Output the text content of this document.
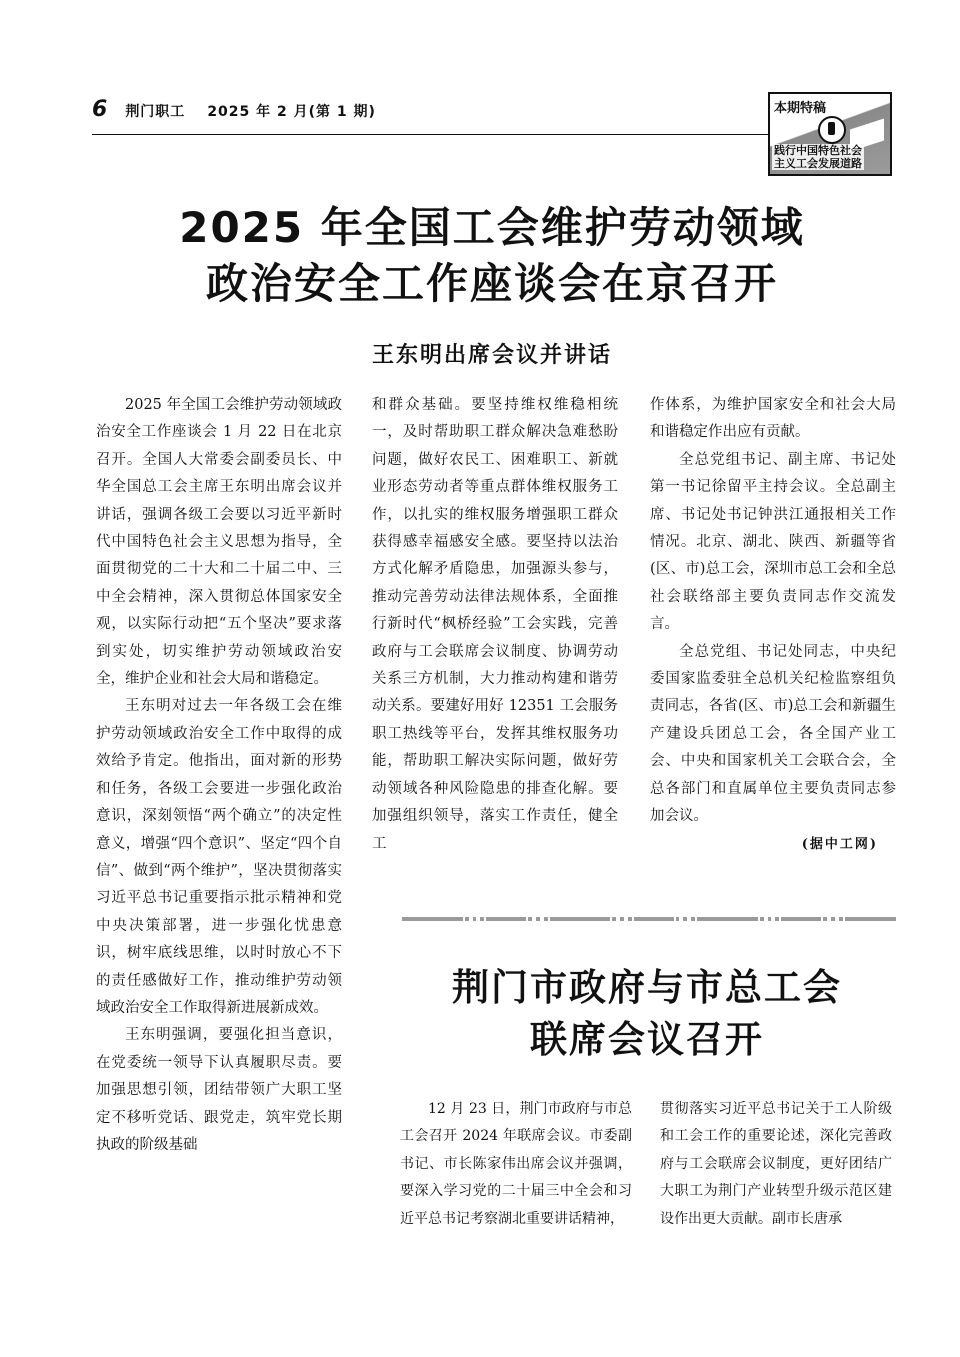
6 荆门职工 2025 年 2 月(第 1 期)	本期特稿
践行中国特色社会
主义工会发展道路
2025 年全国工会维护劳动领域
政治安全工作座谈会在京召开
王东明出席会议并讲话

2025 年全国工会维护劳动领域政治安全工作座谈会 1 月 22 日在北京召开。全国人大常委会副委员长、中华全国总工会主席王东明出席会议并讲话，强调各级工会要以习近平新时代中国特色社会主义思想为指导，全面贯彻党的二十大和二十届二中、三中全会精神，深入贯彻总体国家安全观，以实际行动把“五个坚决”要求落到实处，切实维护劳动领域政治安全，维护企业和社会大局和谐稳定。

王东明对过去一年各级工会在维护劳动领域政治安全工作中取得的成效给予肯定。他指出，面对新的形势和任务，各级工会要进一步强化政治意识，深刻领悟“两个确立”的决定性意义，增强“四个意识”、坚定“四个自信”、做到“两个维护”，坚决贯彻落实习近平总书记重要指示批示精神和党中央决策部署，进一步强化忧患意识，树牢底线思维，以时时放心不下的责任感做好工作，推动维护劳动领域政治安全工作取得新进展新成效。

王东明强调，要强化担当意识，在党委统一领导下认真履职尽责。要加强思想引领，团结带领广大职工坚定不移听党话、跟党走，筑牢党长期执政的阶级基础

和群众基础。要坚持维权维稳相统一，及时帮助职工群众解决急难愁盼问题，做好农民工、困难职工、新就业形态劳动者等重点群体维权服务工作，以扎实的维权服务增强职工群众获得感幸福感安全感。要坚持以法治方式化解矛盾隐患，加强源头参与，推动完善劳动法律法规体系，全面推行新时代“枫桥经验”工会实践，完善政府与工会联席会议制度、协调劳动关系三方机制，大力推动构建和谐劳动关系。要建好用好 12351 工会服务职工热线等平台，发挥其维权服务功能，帮助职工解决实际问题，做好劳动领域各种风险隐患的排查化解。要加强组织领导，落实工作责任，健全工

作体系，为维护国家安全和社会大局和谐稳定作出应有贡献。

全总党组书记、副主席、书记处第一书记徐留平主持会议。全总副主席、书记处书记钟洪江通报相关工作情况。北京、湖北、陕西、新疆等省(区、市)总工会，深圳市总工会和全总社会联络部主要负责同志作交流发言。

全总党组、书记处同志，中央纪委国家监委驻全总机关纪检监察组负责同志，各省(区、市)总工会和新疆生产建设兵团总工会，各全国产业工会、中央和国家机关工会联合会，全总各部门和直属单位主要负责同志参加会议。

(据中工网)
荆门市政府与市总工会
联席会议召开

12 月 23 日，荆门市政府与市总工会召开 2024 年联席会议。市委副书记、市长陈家伟出席会议并强调，要深入学习党的二十届三中全会和习近平总书记考察湖北重要讲话精神，

贯彻落实习近平总书记关于工人阶级和工会工作的重要论述，深化完善政府与工会联席会议制度，更好团结广大职工为荆门产业转型升级示范区建设作出更大贡献。副市长唐承
